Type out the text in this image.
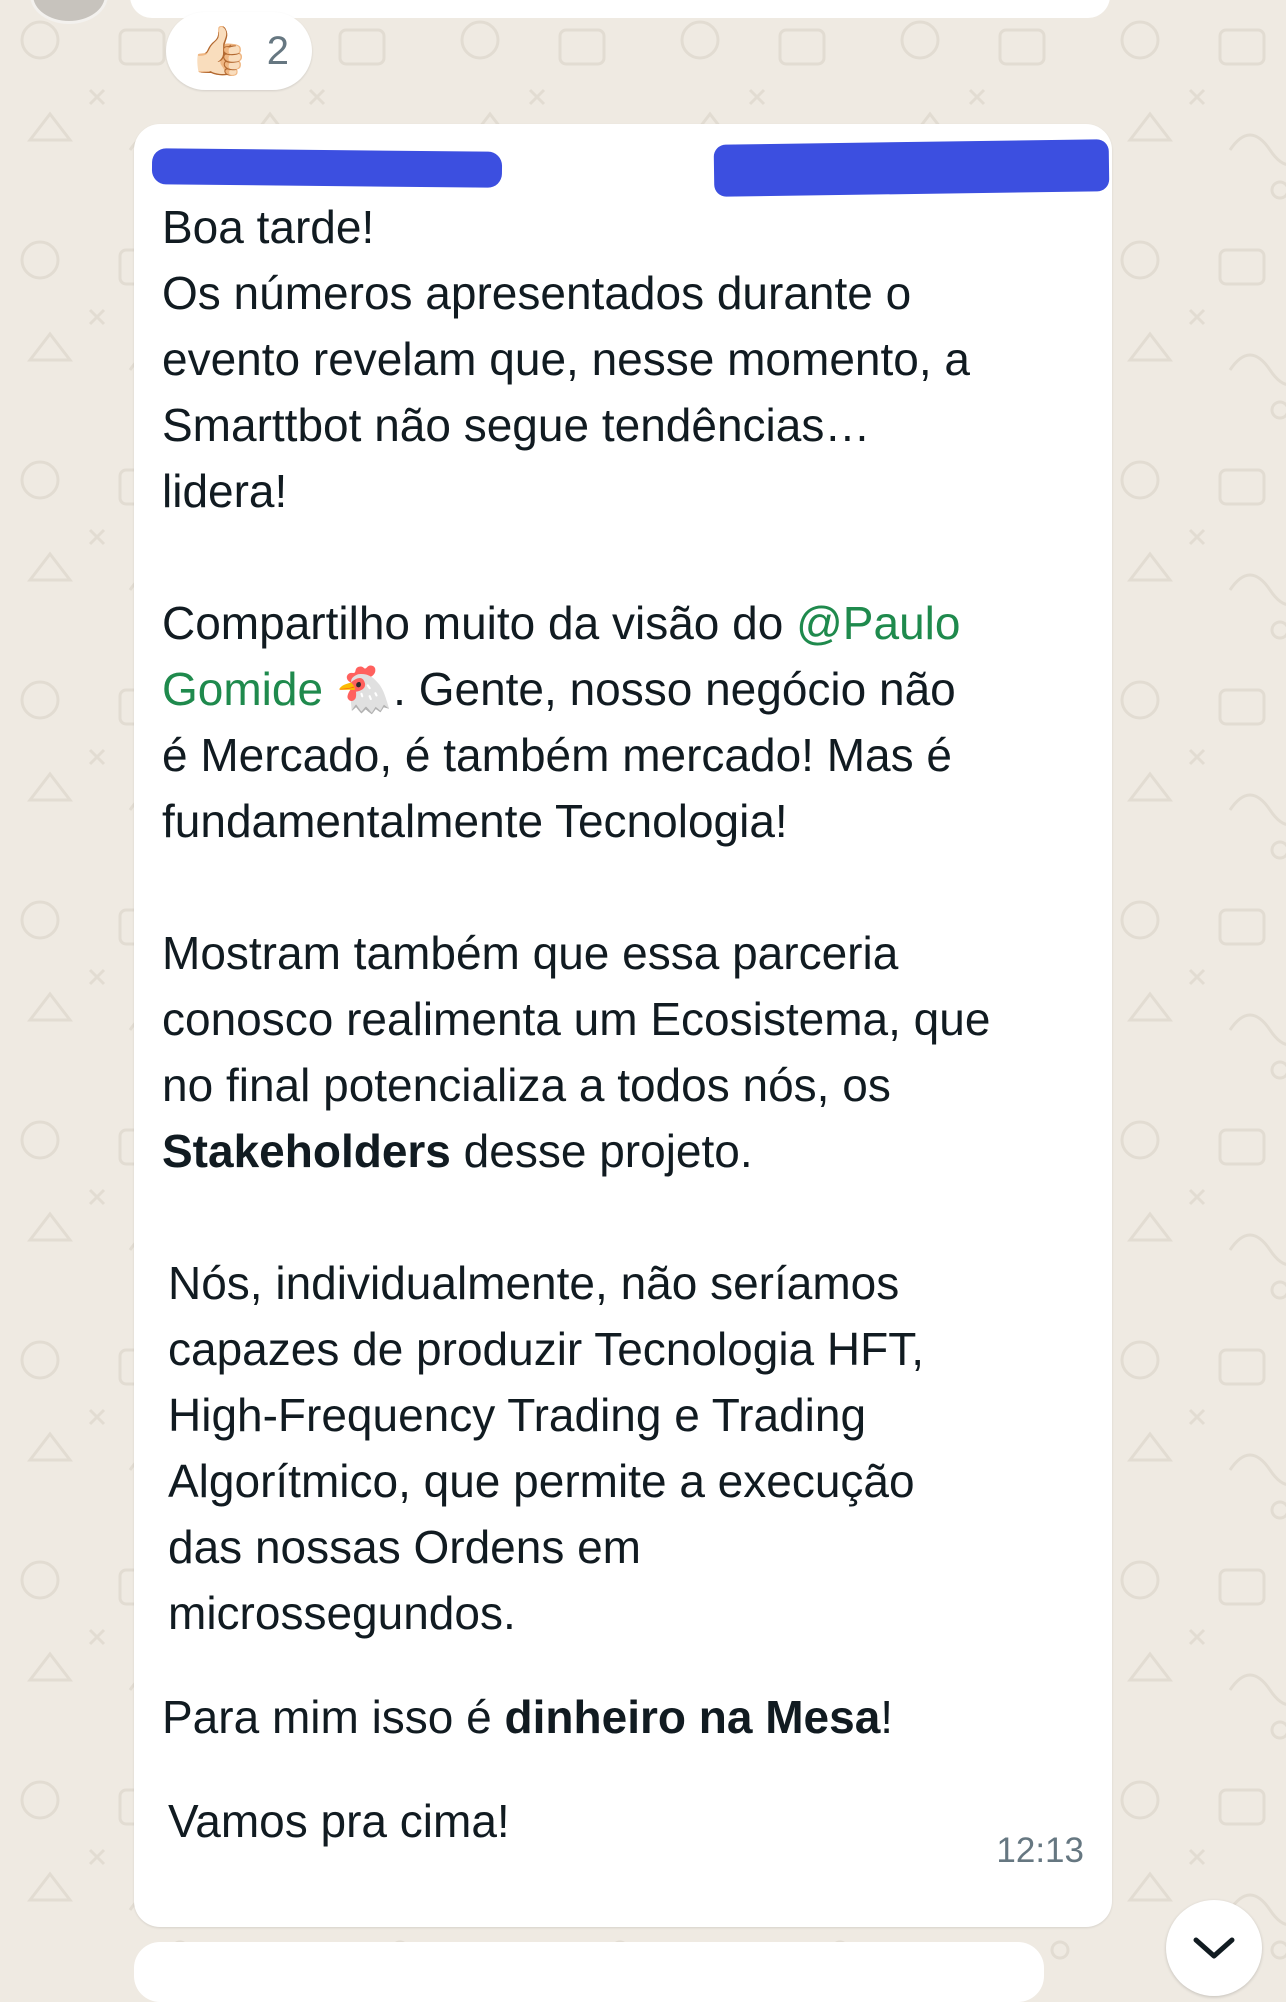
👍🏻 2

Boa tarde!
Os números apresentados durante o
evento revelam que, nesse momento, a
Smarttbot não segue tendências…
lidera!

Compartilho muito da visão do @Paulo
Gomide 🐔. Gente, nosso negócio não
é Mercado, é também mercado! Mas é
fundamentalmente Tecnologia!

Mostram também que essa parceria
conosco realimenta um Ecosistema, que
no final potencializa a todos nós, os
Stakeholders desse projeto.

Nós, individualmente, não seríamos
capazes de produzir Tecnologia HFT,
High-Frequency Trading e Trading
Algorítmico, que permite a execução
das nossas Ordens em
microssegundos.

Para mim isso é dinheiro na Mesa!

Vamos pra cima!

12:13
